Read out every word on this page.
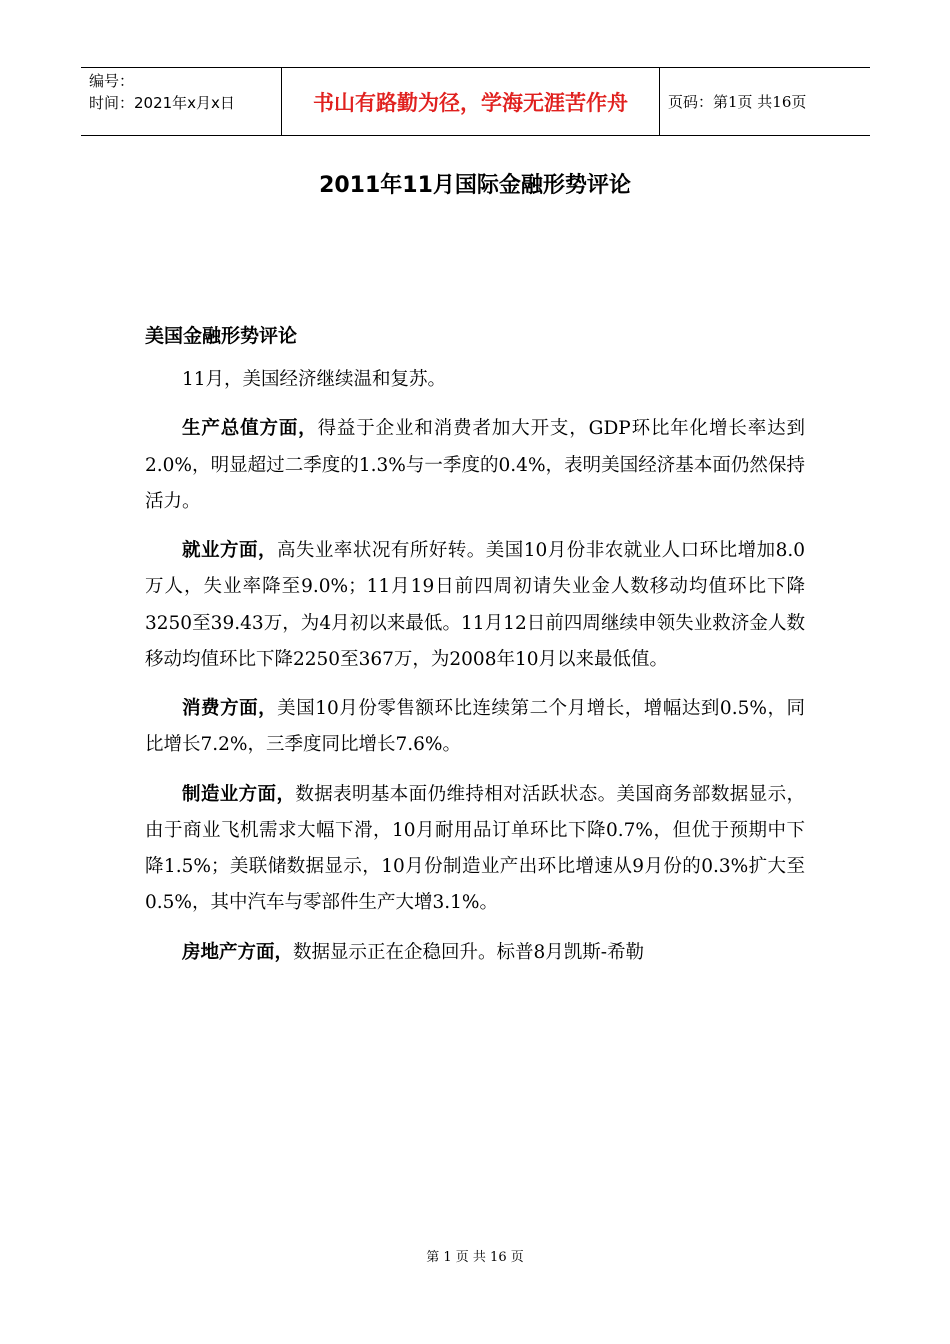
编号：
时间：2021年x月x日	书山有路勤为径，学海无涯苦作舟	页码：第1页 共16页
2011年11月国际金融形势评论
美国金融形势评论

11月，美国经济继续温和复苏。

生产总值方面，得益于企业和消费者加大开支，GDP环比年化增长率达到2.0%，明显超过二季度的1.3%与一季度的0.4%，表明美国经济基本面仍然保持活力。

就业方面，高失业率状况有所好转。美国10月份非农就业人口环比增加8.0万人，失业率降至9.0%；11月19日前四周初请失业金人数移动均值环比下降3250至39.43万，为4月初以来最低。11月12日前四周继续申领失业救济金人数移动均值环比下降2250至367万，为2008年10月以来最低值。

消费方面，美国10月份零售额环比连续第二个月增长，增幅达到0.5%，同比增长7.2%，三季度同比增长7.6%。

制造业方面，数据表明基本面仍维持相对活跃状态。美国商务部数据显示，由于商业飞机需求大幅下滑，10月耐用品订单环比下降0.7%，但优于预期中下降1.5%；美联储数据显示，10月份制造业产出环比增速从9月份的0.3%扩大至0.5%，其中汽车与零部件生产大增3.1%。

房地产方面，数据显示正在企稳回升。标普8月凯斯-希勒

第 1 页 共 16 页
